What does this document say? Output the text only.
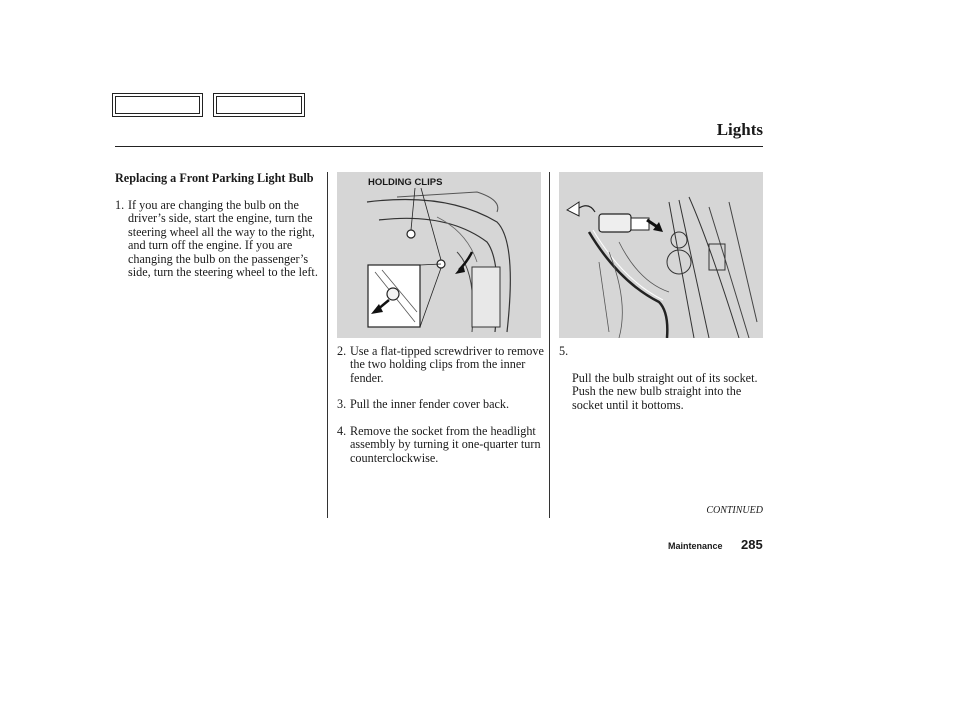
Lights
Replacing a Front Parking Light Bulb
1. If you are changing the bulb on the driver’s side, start the engine, turn the steering wheel all the way to the right, and turn off the engine. If you are changing the bulb on the passenger’s side, turn the steering wheel to the left.
HOLDING CLIPS
2. Use a flat-tipped screwdriver to remove the two holding clips from the inner fender.
3. Pull the inner fender cover back.
4. Remove the socket from the headlight assembly by turning it one-quarter turn counterclockwise.

5.

Pull the bulb straight out of its socket.
Push the new bulb straight into the socket until it bottoms.

CONTINUED
Maintenance 285
